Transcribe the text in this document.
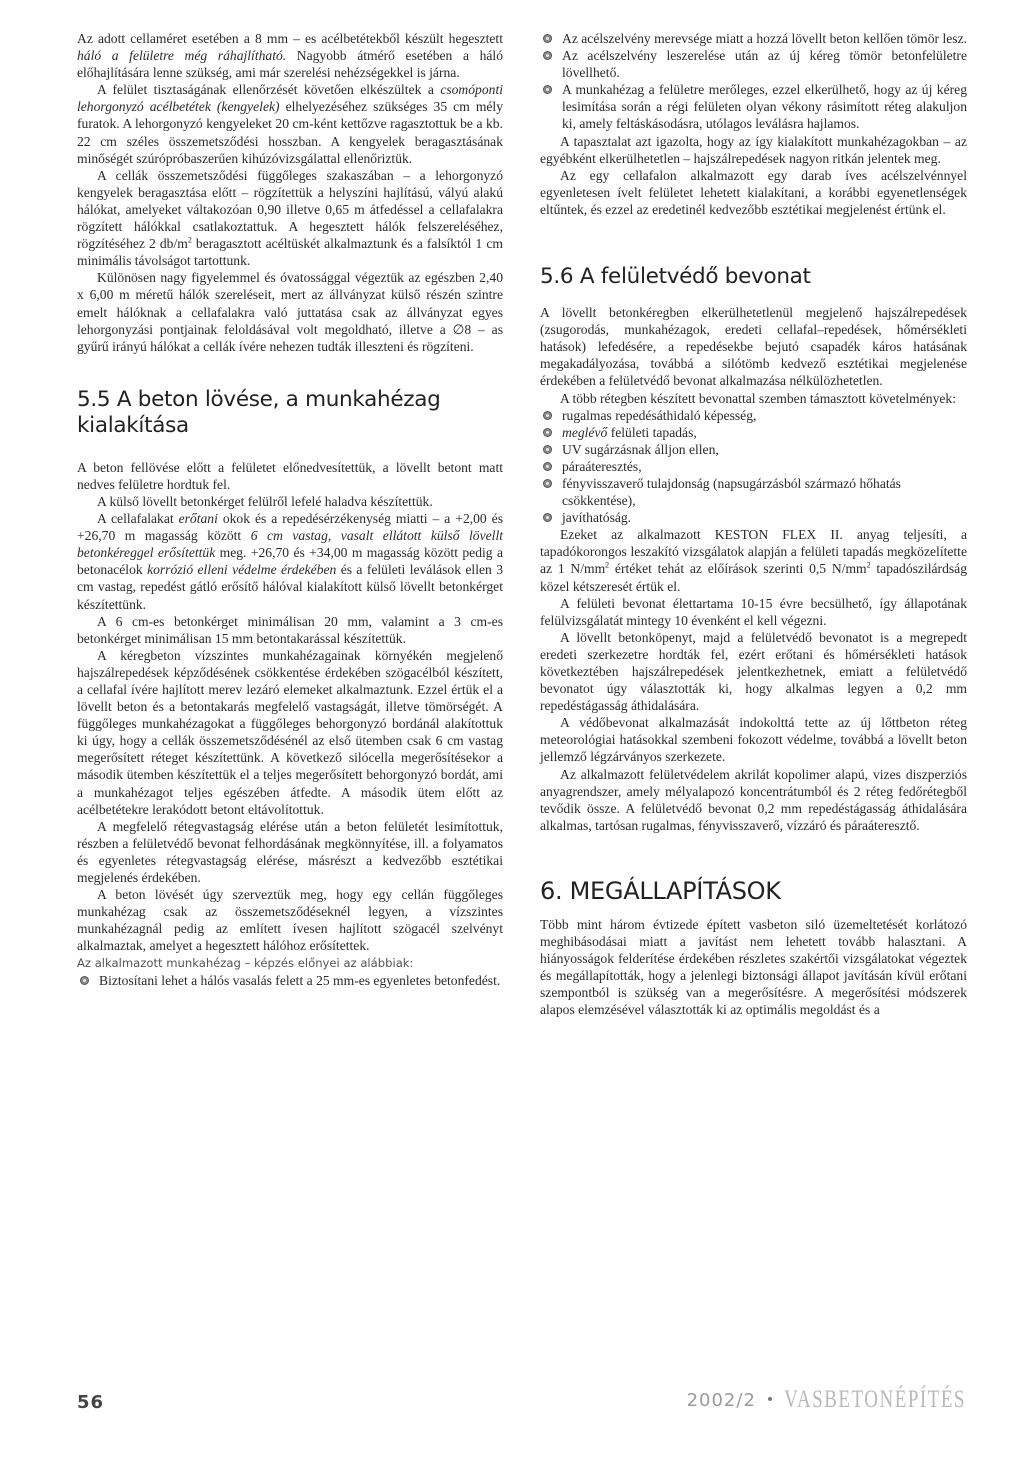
Az adott cellaméret esetében a 8 mm – es acélbetétekből készült hegesztett háló a felületre még ráhajlítható. Nagyobb átmérő esetében a háló előhajlítására lenne szükség, ami már szerelési nehézségekkel is járna.

A felület tisztaságának ellenőrzését követően elkészültek a csomóponti lehorgonyzó acélbetétek (kengyelek) elhelyezéséhez szükséges 35 cm mély furatok. A lehorgonyzó kengyeleket 20 cm-ként kettőzve ragasztottuk be a kb. 22 cm széles összemetsződési hosszban. A kengyelek beragasztásának minőségét szúrópróbaszerűen kihúzóvizsgálattal ellenőriztük.

A cellák összemetsződési függőleges szakaszában – a lehorgonyzó kengyelek beragasztása előtt – rögzítettük a helyszíni hajlítású, vályú alakú hálókat, amelyeket váltakozóan 0,90 illetve 0,65 m átfedéssel a cellafalakra rögzített hálókkal csatlakoztattuk. A hegesztett hálók felszereléséhez, rögzítéséhez 2 $db/m^2$ beragasztott acéltüskét alkalmaztunk és a falsíktól 1 cm minimális távolságot tartottunk.

Különösen nagy figyelemmel és óvatossággal végeztük az egészben 2,40 x 6,00 m méretű hálók szereléseit, mert az állványzat külső részén szintre emelt hálóknak a cellafalakra való juttatása csak az állványzat egyes lehorgonyzási pontjainak feloldásával volt megoldható, illetve a ∅8 – as gyűrű irányú hálókat a cellák ívére nehezen tudták illeszteni és rögzíteni.

5.5 A beton lövése, a munkahézag kialakítása

A beton fellövése előtt a felületet előnedvesítettük, a lövellt betont matt nedves felületre hordtuk fel.

A külső lövellt betonkérget felülről lefelé haladva készítettük.

A cellafalakat erőtani okok és a repedésérzékenység miatti – a +2,00 és +26,70 m magasság között 6 cm vastag, vasalt ellátott külső lövellt betonkéreggel erősítettük meg. +26,70 és +34,00 m magasság között pedig a betonacélok korrózió elleni védelme érdekében és a felületi leválások ellen 3 cm vastag, repedést gátló erősítő hálóval kialakított külső lövellt betonkérget készítettünk.

A 6 cm-es betonkérget minimálisan 20 mm, valamint a 3 cm-es betonkérget minimálisan 15 mm betontakarással készítettük.

A kéregbeton vízszintes munkahézagainak környékén megjelenő hajszálrepedések képződésének csökkentése érdekében szögacélból készített, a cellafal ívére hajlított merev lezáró elemeket alkalmaztunk. Ezzel értük el a lövellt beton és a betontakarás megfelelő vastagságát, illetve tömörségét. A függőleges munkahézagokat a függőleges behorgonyzó bordánál alakítottuk ki úgy, hogy a cellák összemetsződésénél az első ütemben csak 6 cm vastag megerősített réteget készítettünk. A következő silócella megerősítésekor a második ütemben készítettük el a teljes megerősített behorgonyzó bordát, ami a munkahézagot teljes egészében átfedte. A második ütem előtt az acélbetétekre lerakódott betont eltávolítottuk.

A megfelelő rétegvastagság elérése után a beton felületét lesimítottuk, részben a felületvédő bevonat felhordásának megkönnyítése, ill. a folyamatos és egyenletes rétegvastagság elérése, másrészt a kedvezőbb esztétikai megjelenés érdekében.

A beton lövését úgy szerveztük meg, hogy egy cellán függőleges munkahézag csak az összemetsződéseknél legyen, a vízszintes munkahézagnál pedig az említett ívesen hajlított szögacél szelvényt alkalmaztak, amelyet a hegesztett hálóhoz erősítettek.

Az alkalmazott munkahézag – képzés előnyei az alábbiak:

Biztosítani lehet a hálós vasalás felett a 25 mm-es egyenletes betonfedést.
Az acélszelvény merevsége miatt a hozzá lövellt beton kellően tömör lesz.
Az acélszelvény leszerelése után az új kéreg tömör betonfelületre lövellhető.
A munkahézag a felületre merőleges, ezzel elkerülhető, hogy az új kéreg lesimítása során a régi felületen olyan vékony rásimított réteg alakuljon ki, amely feltáskásodásra, utólagos leválásra hajlamos.

A tapasztalat azt igazolta, hogy az így kialakított munkahézagokban – az egyébként elkerülhetetlen – hajszálrepedések nagyon ritkán jelentek meg.

Az egy cellafalon alkalmazott egy darab íves acélszelvénnyel egyenletesen ívelt felületet lehetett kialakítani, a korábbi egyenetlenségek eltűntek, és ezzel az eredetinél kedvezőbb esztétikai megjelenést értünk el.

5.6 A felületvédő bevonat

A lövellt betonkéregben elkerülhetetlenül megjelenő hajszálrepedések (zsugorodás, munkahézagok, eredeti cellafal–repedések, hőmérsékleti hatások) lefedésére, a repedésekbe bejutó csapadék káros hatásának megakadályozása, továbbá a silótömb kedvező esztétikai megjelenése érdekében a felületvédő bevonat alkalmazása nélkülözhetetlen.

A több rétegben készített bevonattal szemben támasztott követelmények:

rugalmas repedésáthidaló képesség,
meglévő felületi tapadás,
UV sugárzásnak álljon ellen,
páraáteresztés,
fényvisszaverő tulajdonság (napsugárzásból származó hőhatás csökkentése),
javíthatóság.

Ezeket az alkalmazott KESTON FLEX II. anyag teljesíti, a tapadókorongos leszakító vizsgálatok alapján a felületi tapadás megközelítette az 1 $N/mm^2$ értéket tehát az előírások szerinti 0,5 $N/mm^2$ tapadószilárdság közel kétszeresét értük el.

A felületi bevonat élettartama 10-15 évre becsülhető, így állapotának felülvizsgálatát mintegy 10 évenként el kell végezni.

A lövellt betonköpenyt, majd a felületvédő bevonatot is a megrepedt eredeti szerkezetre hordták fel, ezért erőtani és hőmérsékleti hatások következtében hajszálrepedések jelentkezhetnek, emiatt a felületvédő bevonatot úgy választották ki, hogy alkalmas legyen a 0,2 mm repedéstágasság áthidalására.

A védőbevonat alkalmazását indokolttá tette az új lőttbeton réteg meteorológiai hatásokkal szembeni fokozott védelme, továbbá a lövellt beton jellemző légzárványos szerkezete.

Az alkalmazott felületvédelem akrilát kopolimer alapú, vizes diszperziós anyagrendszer, amely mélyalapozó koncentrátumból és 2 réteg fedőrétegből tevődik össze. A felületvédő bevonat 0,2 mm repedéstágasság áthidalására alkalmas, tartósan rugalmas, fényvisszaverő, vízzáró és páraáteresztő.

6. MEGÁLLAPÍTÁSOK

Több mint három évtizede épített vasbeton siló üzemeltetését korlátozó meghibásodásai miatt a javítást nem lehetett tovább halasztani. A hiányosságok felderítése érdekében részletes szakértői vizsgálatokat végeztek és megállapították, hogy a jelenlegi biztonsági állapot javításán kívül erőtani szempontból is szükség van a megerősítésre. A megerősítési módszerek alapos elemzésével választották ki az optimális megoldást és a

56	2002/2 • VASBETONÉPÍTÉS
